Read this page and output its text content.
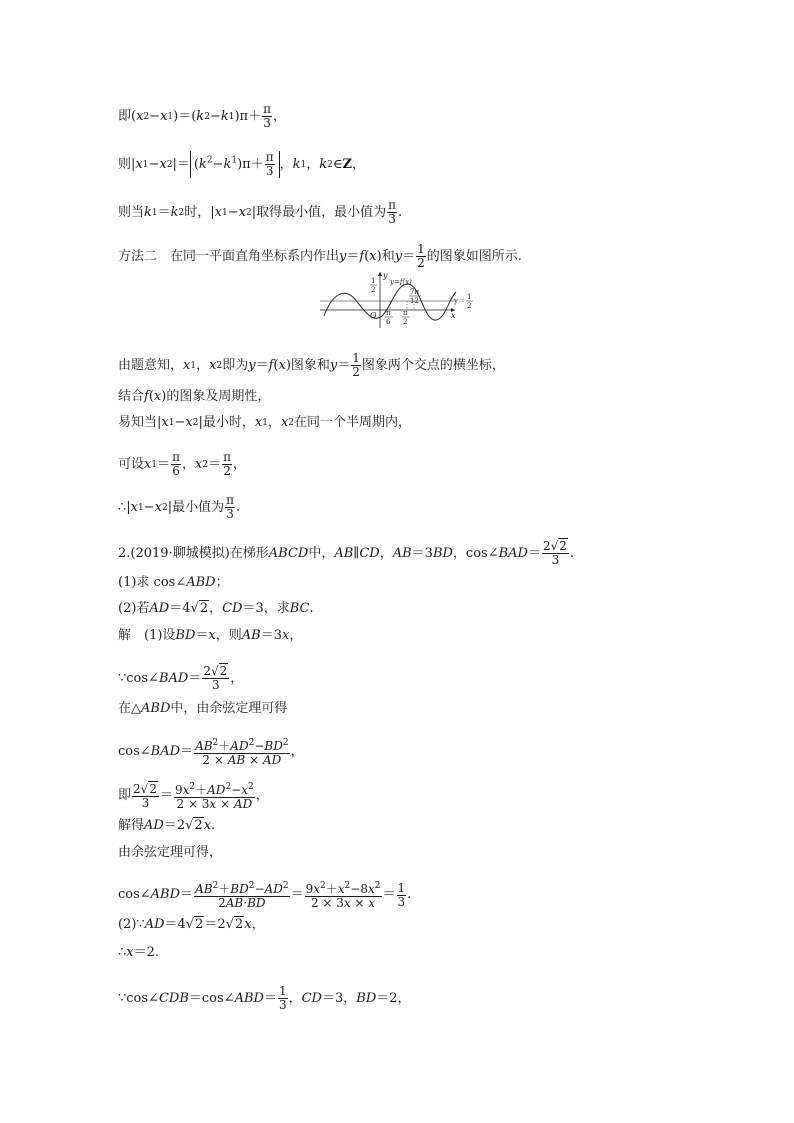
即( x 2 − x 1 )＝( k 2 − k 1 )$\pi+ \frac{\pi}{3}$ ，
则| x 1 − x 2 |＝ $(k^2-k^1)\pi+ \frac{\pi}{3}$ ， k 1 ， k 2 ∈ Z ，
则当 k 1 ＝ k 2 时，| x 1 − x 2 |取得最小值，最小值为 $\frac{\pi}{3}$ .
方法二　在同一平面直角坐标系内作出 y ＝ f ( x )和 $y = \frac{1}{2}$ 的图象如图所示.
y
y=f(x)
1
2
O π
6
π
2
7π
12
x
y＝ 1
2
由题意知， x 1 ， x 2 即为 y ＝ f ( x )图象和 $y = \frac{1}{2}$ 图象两个交点的横坐标，
结合 f ( x )的图象及周期性，
易知当| x 1 − x 2 |最小时， x 1 ， x 2 在同一个半周期内，
可设 x $1 = \frac{\pi}{6}$ ， x $2 = \frac{\pi}{2}$ ，
∴| x 1 − x 2 |最小值为 $\frac{\pi}{3}$ .
2.(2019·聊城模拟)在梯形 ABCD 中， AB ∥ CD ， AB ＝3 BD ，cos∠ BAD ＝ $\frac{2√2}{3}$ .
(1)求 cos∠ ABD ；
(2)若 AD ＝4 √2 ， CD ＝3，求 BC .
解　(1)设 BD ＝ x ，则 AB ＝3 x ，
∵cos∠ BAD ＝ $\frac{2√2}{3}$ ，
在△ ABD 中，由余弦定理可得
cos∠ BAD ＝ $\frac{AB^2+AD^2-BD^2}{2 \times AB \times AD}$ ，
即 $\frac{2√2}{3} = \frac{9x^2+AD^2-x^2}{2 \times 3x \times AD}$ ，
解得 AD ＝2 √2 x .
由余弦定理可得，
cos∠ ABD ＝ $\frac{AB^2+BD^2-AD^2}{2AB\cdot BD} = \frac{9x^2+x^2-8x^2}{2 \times 3x \times x} = \frac{1}{3}$ .
(2)∵ AD ＝4 √2 ＝2 √2 x ，
∴ x ＝2.
∵cos∠ CDB ＝cos∠ ABD ＝ $\frac{1}{3}$ ， CD ＝3， BD ＝2，
